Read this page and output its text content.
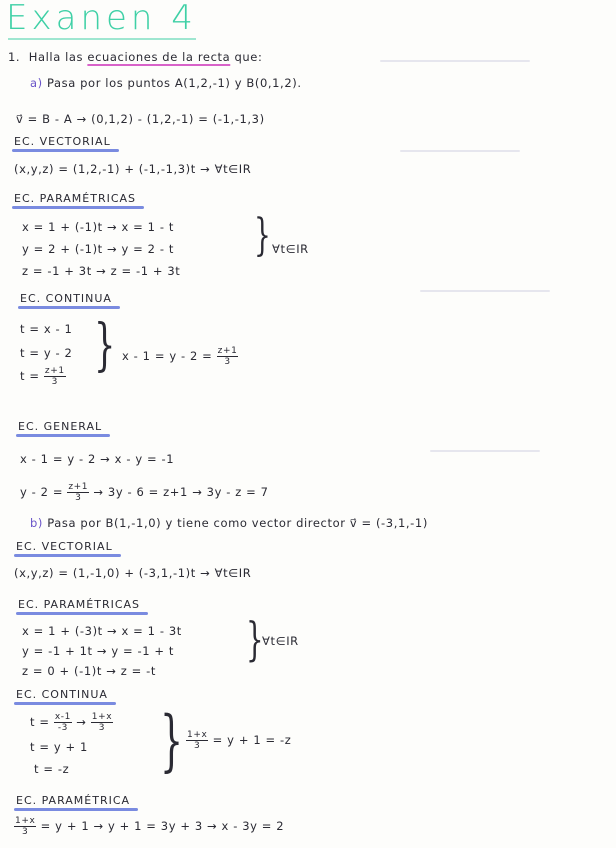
Exanen 4
1. Halla las ecuaciones de la recta que:
a) Pasa por los puntos A(1,2,-1) y B(0,1,2).
v⃗ = B - A → (0,1,2) - (1,2,-1) = (-1,-1,3)
EC. VECTORIAL
(x,y,z) = (1,2,-1) + (-1,-1,3)t → ∀t∈IR
EC. PARAMÉTRICAS
x = 1 + (-1)t → x = 1 - t
y = 2 + (-1)t → y = 2 - t
z = -1 + 3t → z = -1 + 3t
} ∀t∈IR
EC. CONTINUA
t = x - 1
t = y - 2
$t = \frac{z+1}{3}$ } $x - 1 = y - 2 = \frac{z+1}{3}$
EC. GENERAL
x - 1 = y - 2 → x - y = -1
$y - 2 = \frac{z+1}{3} \to 3y - 6 = z+1 \to 3y - z = 7$
b) Pasa por B(1,-1,0) y tiene como vector director v⃗ = (-3,1,-1)
EC. VECTORIAL
(x,y,z) = (1,-1,0) + (-3,1,-1)t → ∀t∈IR
EC. PARAMÉTRICAS
x = 1 + (-3)t → x = 1 - 3t
y = -1 + 1t → y = -1 + t
z = 0 + (-1)t → z = -t
}
∀t∈IR
EC. CONTINUA
$t = \frac{x-1}{-3} \to \frac{1+x}{3}$
t = y + 1
t = -z } $\frac{1+x}{3} = y + 1 = -z$
EC. PARAMÉTRICA
$\frac{1+x}{3} = y + 1 \to y + 1 = 3y + 3 \to x - 3y = 2$
